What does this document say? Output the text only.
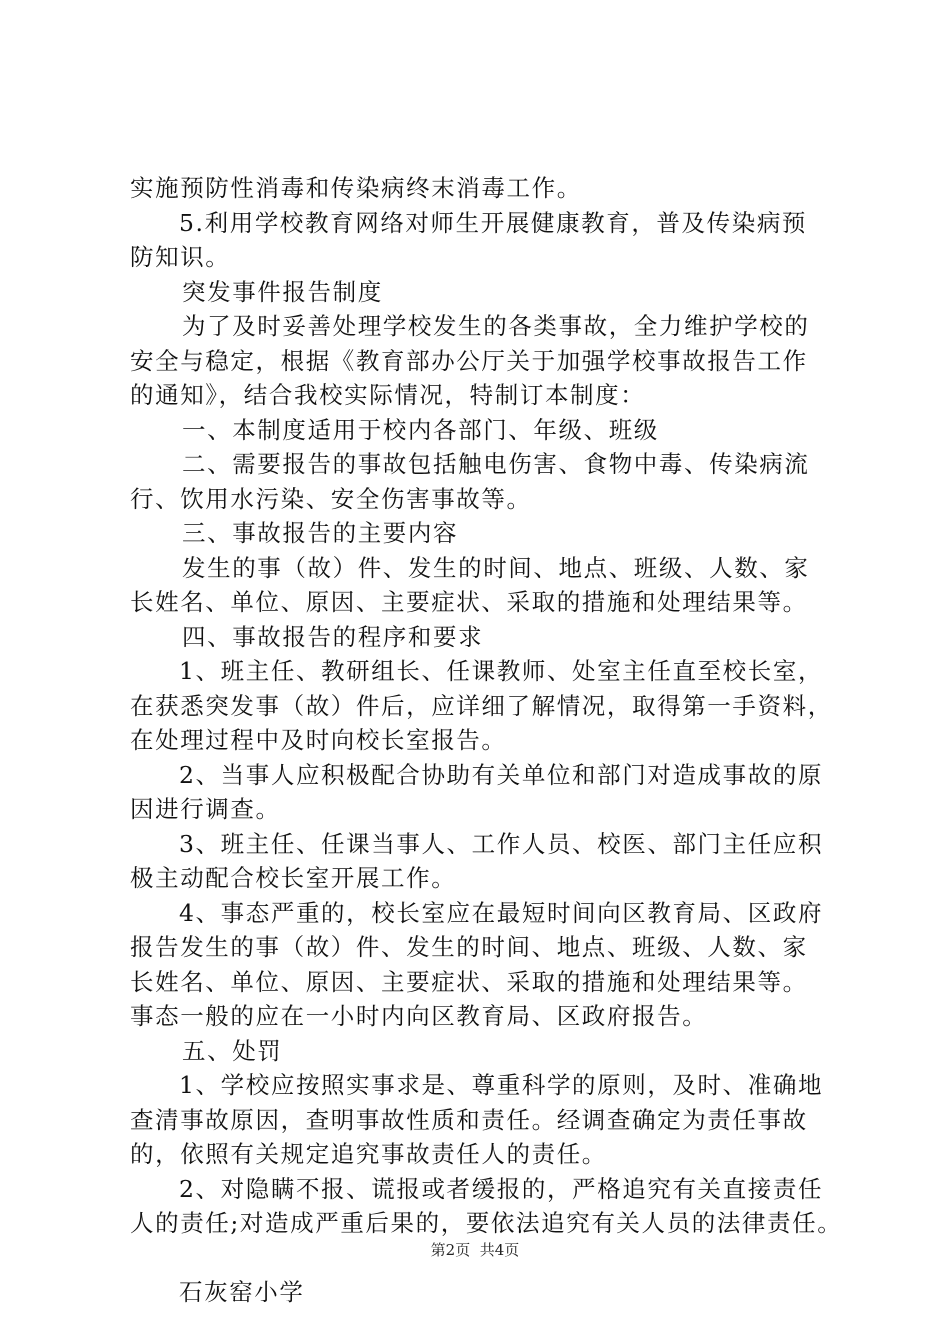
实施预防性消毒和传染病终末消毒工作。
5.利用学校教育网络对师生开展健康教育，普及传染病预
防知识。
突发事件报告制度
为了及时妥善处理学校发生的各类事故，全力维护学校的
安全与稳定，根据《教育部办公厅关于加强学校事故报告工作
的通知》，结合我校实际情况，特制订本制度：
一、本制度适用于校内各部门、年级、班级
二、需要报告的事故包括触电伤害、食物中毒、传染病流
行、饮用水污染、安全伤害事故等。
三、事故报告的主要内容
发生的事（故）件、发生的时间、地点、班级、人数、家
长姓名、单位、原因、主要症状、采取的措施和处理结果等。
四、事故报告的程序和要求
1、班主任、教研组长、任课教师、处室主任直至校长室，
在获悉突发事（故）件后，应详细了解情况，取得第一手资料，
在处理过程中及时向校长室报告。
2、当事人应积极配合协助有关单位和部门对造成事故的原
因进行调查。
3、班主任、任课当事人、工作人员、校医、部门主任应积
极主动配合校长室开展工作。
4、事态严重的，校长室应在最短时间向区教育局、区政府
报告发生的事（故）件、发生的时间、地点、班级、人数、家
长姓名、单位、原因、主要症状、采取的措施和处理结果等。
事态一般的应在一小时内向区教育局、区政府报告。
五、处罚
1、学校应按照实事求是、尊重科学的原则，及时、准确地
查清事故原因，查明事故性质和责任。经调查确定为责任事故
的，依照有关规定追究事故责任人的责任。
2、对隐瞒不报、谎报或者缓报的，严格追究有关直接责任
人的责任;对造成严重后果的，要依法追究有关人员的法律责任。
石灰窑小学
第2页 共4页
